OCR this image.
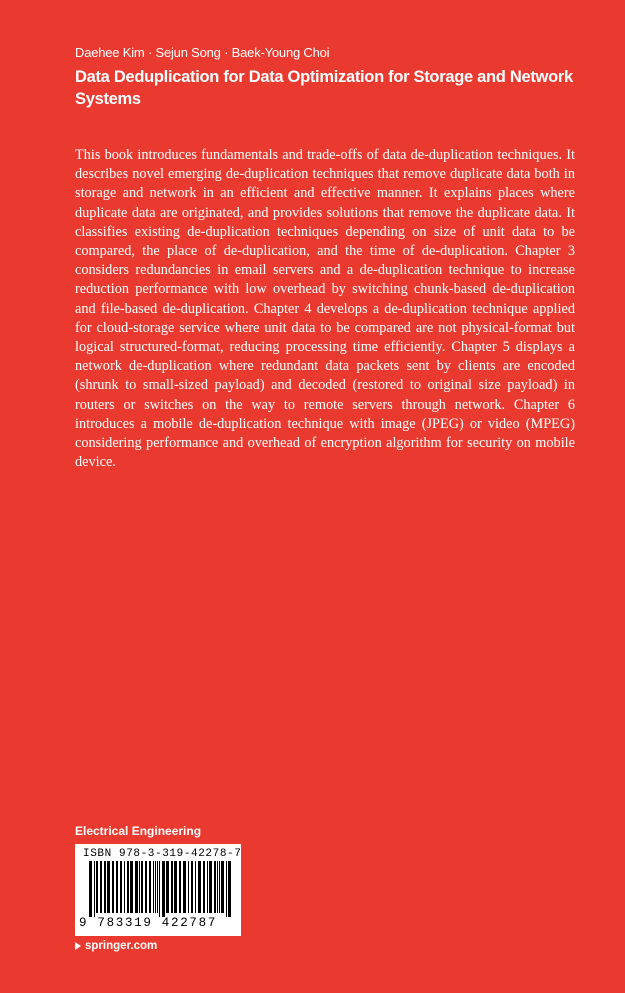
Daehee Kim · Sejun Song · Baek-Young Choi
Data Deduplication for Data Optimization for Storage and Network Systems

This book introduces fundamentals and trade-offs of data de-duplication techniques. It describes novel emerging de-duplication techniques that remove duplicate data both in storage and network in an efficient and effective manner. It explains places where duplicate data are originated, and provides solutions that remove the duplicate data. It classifies existing de-duplication techniques depending on size of unit data to be compared, the place of de-duplication, and the time of de-duplication. Chapter 3 considers redundancies in email servers and a de-duplication technique to increase reduction performance with low overhead by switching chunk-based de-duplication and file-based de-duplication. Chapter 4 develops a de-duplication technique applied for cloud-storage service where unit data to be compared are not physical-format but logical structured-format, reducing processing time efficiently. Chapter 5 displays a network de-duplication where redundant data packets sent by clients are encoded (shrunk to small-sized payload) and decoded (restored to original size payload) in routers or switches on the way to remote servers through network. Chapter 6 introduces a mobile de-duplication technique with image (JPEG) or video (MPEG) considering performance and overhead of encryption algorithm for security on mobile device.

Electrical Engineering
ISBN 978-3-319-42278-7
9 783319 422787
springer.com
